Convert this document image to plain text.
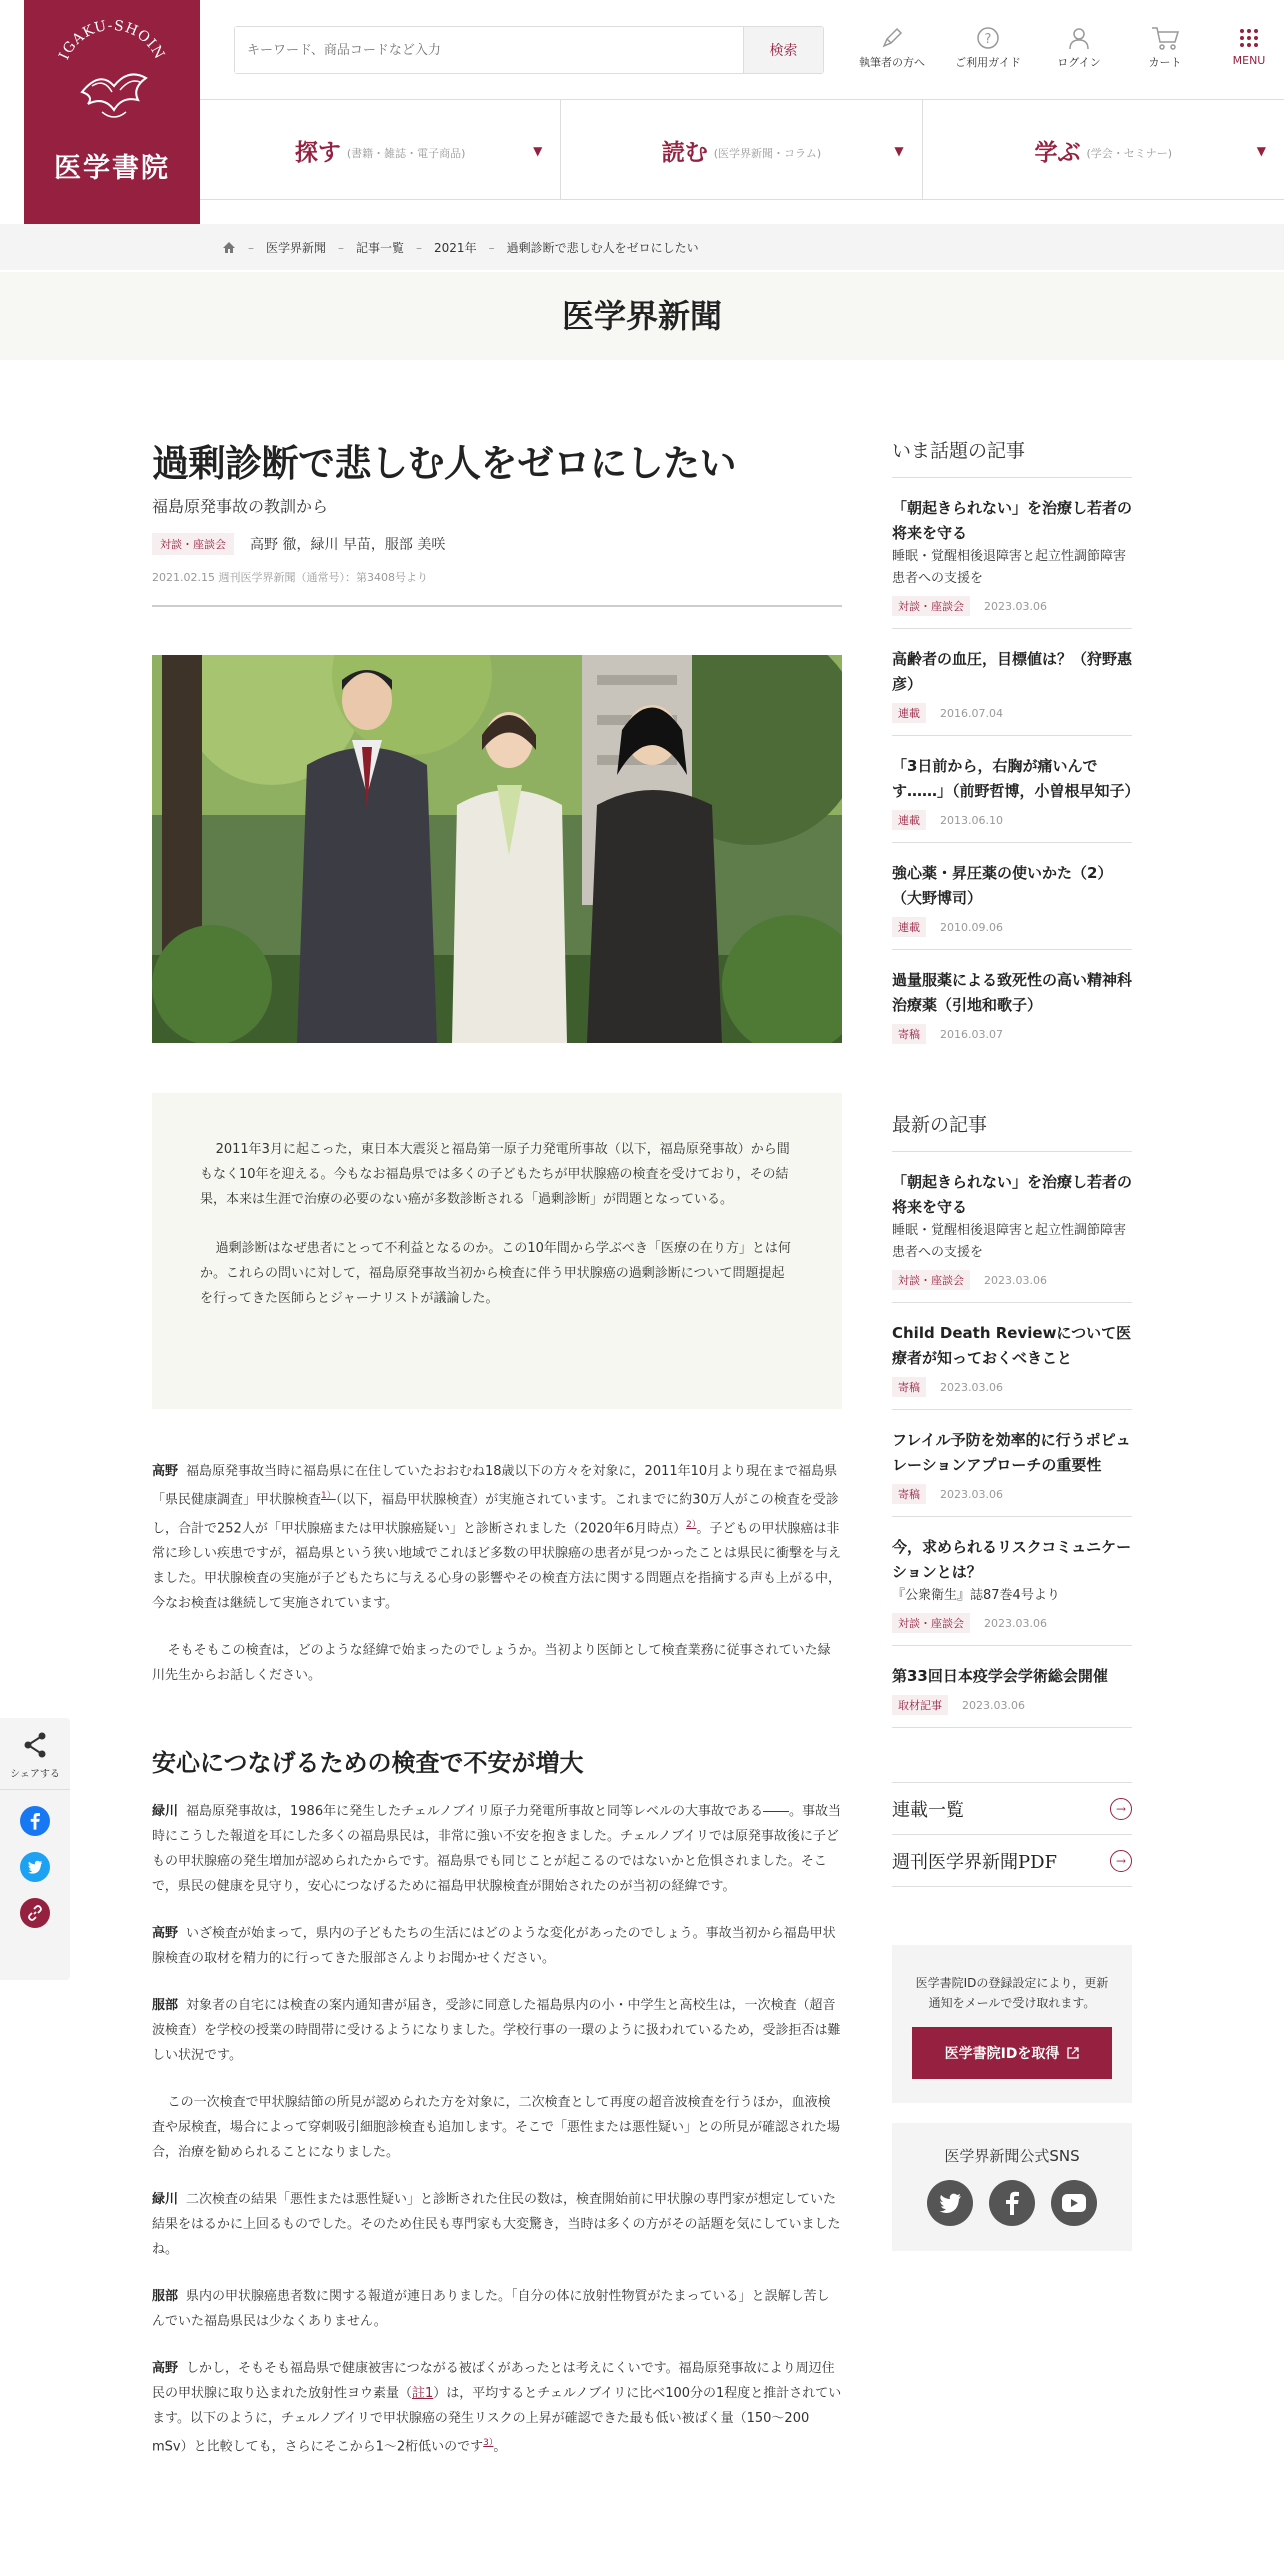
IGAKU-SHOIN
医学書院
キーワード、商品コードなど入力
検索
執筆者の方へ
?
ご利用ガイド	ログイン	カート	MENU
探す (書籍・雑誌・電子商品)	▼	読む (医学界新聞・コラム)	▼	学ぶ (学会・セミナー)	▼
– 医学界新聞 – 記事一覧 – 2021年 – 過剰診断で悲しむ人をゼロにしたい
医学界新聞
過剰診断で悲しむ人をゼロにしたい
福島原発事故の教訓から
対談・座談会	高野 徹，緑川 早苗，服部 美咲
2021.02.15 週刊医学界新聞（通常号）：第3408号より

2011年3月に起こった，東日本大震災と福島第一原子力発電所事故（以下，福島原発事故）から間もなく10年を迎える。今もなお福島県では多くの子どもたちが甲状腺癌の検査を受けており，その結果，本来は生涯で治療の必要のない癌が多数診断される「過剰診断」が問題となっている。

過剰診断はなぜ患者にとって不利益となるのか。この10年間から学ぶべき「医療の在り方」とは何か。これらの問いに対して，福島原発事故当初から検査に伴う甲状腺癌の過剰診断について問題提起を行ってきた医師らとジャーナリストが議論した。

高野 福島原発事故当時に福島県に在住していたおおむね18歳以下の方々を対象に，2011年10月より現在まで福島県「県民健康調査」甲状腺検査$^{1)}$（以下，福島甲状腺検査）が実施されています。これまでに約30万人がこの検査を受診し，合計で252人が「甲状腺癌または甲状腺癌疑い」と診断されました（2020年6月時点）$^{2)}$。子どもの甲状腺癌は非常に珍しい疾患ですが，福島県という狭い地域でこれほど多数の甲状腺癌の患者が見つかったことは県民に衝撃を与えました。甲状腺検査の実施が子どもたちに与える心身の影響やその検査方法に関する問題点を指摘する声も上がる中，今なお検査は継続して実施されています。

そもそもこの検査は，どのような経緯で始まったのでしょうか。当初より医師として検査業務に従事されていた緑川先生からお話しください。

安心につなげるための検査で不安が増大

緑川 福島原発事故は，1986年に発生したチェルノブイリ原子力発電所事故と同等レベルの大事故である――。事故当時にこうした報道を耳にした多くの福島県民は，非常に強い不安を抱きました。チェルノブイリでは原発事故後に子どもの甲状腺癌の発生増加が認められたからです。福島県でも同じことが起こるのではないかと危惧されました。そこで，県民の健康を見守り，安心につなげるために福島甲状腺検査が開始されたのが当初の経緯です。

高野 いざ検査が始まって，県内の子どもたちの生活にはどのような変化があったのでしょう。事故当初から福島甲状腺検査の取材を精力的に行ってきた服部さんよりお聞かせください。

服部 対象者の自宅には検査の案内通知書が届き，受診に同意した福島県内の小・中学生と高校生は，一次検査（超音波検査）を学校の授業の時間帯に受けるようになりました。学校行事の一環のように扱われているため，受診拒否は難しい状況です。

この一次検査で甲状腺結節の所見が認められた方を対象に，二次検査として再度の超音波検査を行うほか，血液検査や尿検査，場合によって穿刺吸引細胞診検査も追加します。そこで「悪性または悪性疑い」との所見が確認された場合，治療を勧められることになりました。

緑川 二次検査の結果「悪性または悪性疑い」と診断された住民の数は，検査開始前に甲状腺の専門家が想定していた結果をはるかに上回るものでした。そのため住民も専門家も大変驚き，当時は多くの方がその話題を気にしていましたね。

服部 県内の甲状腺癌患者数に関する報道が連日ありました。「自分の体に放射性物質がたまっている」と誤解し苦しんでいた福島県民は少なくありません。

高野 しかし，そもそも福島県で健康被害につながる被ばくがあったとは考えにくいです。福島原発事故により周辺住民の甲状腺に取り込まれた放射性ヨウ素量（註1）は，平均するとチェルノブイリに比べ100分の1程度と推計されています。以下のように，チェルノブイリで甲状腺癌の発生リスクの上昇が確認できた最も低い被ばく量（150～200 mSv）と比較しても，さらにそこから1～2桁低いのです$^{3)}$。

いま話題の記事
「朝起きられない」を治療し若者の将来を守る
睡眠・覚醒相後退障害と起立性調節障害患者への支援を
対談・座談会	2023.03.06
高齢者の血圧，目標値は？（狩野惠彦）
連載	2016.07.04
「3日前から，右胸が痛いんです……」（前野哲博，小曽根早知子）
連載	2013.06.10
強心薬・昇圧薬の使いかた（2）（大野博司）
連載	2010.09.06
過量服薬による致死性の高い精神科治療薬（引地和歌子）
寄稿	2016.03.07
最新の記事
「朝起きられない」を治療し若者の将来を守る
睡眠・覚醒相後退障害と起立性調節障害患者への支援を
対談・座談会	2023.03.06
Child Death Reviewについて医療者が知っておくべきこと
寄稿	2023.03.06
フレイル予防を効率的に行うポピュレーションアプローチの重要性
寄稿	2023.03.06
今，求められるリスクコミュニケーションとは？
『公衆衛生』誌87巻4号より
対談・座談会	2023.03.06
第33回日本疫学会学術総会開催
取材記事	2023.03.06
連載一覧	→
週刊医学界新聞PDF	→
医学書院IDの登録設定により，更新通知をメールで受け取れます。
医学書院IDを取得
医学界新聞公式SNS
シェアする
